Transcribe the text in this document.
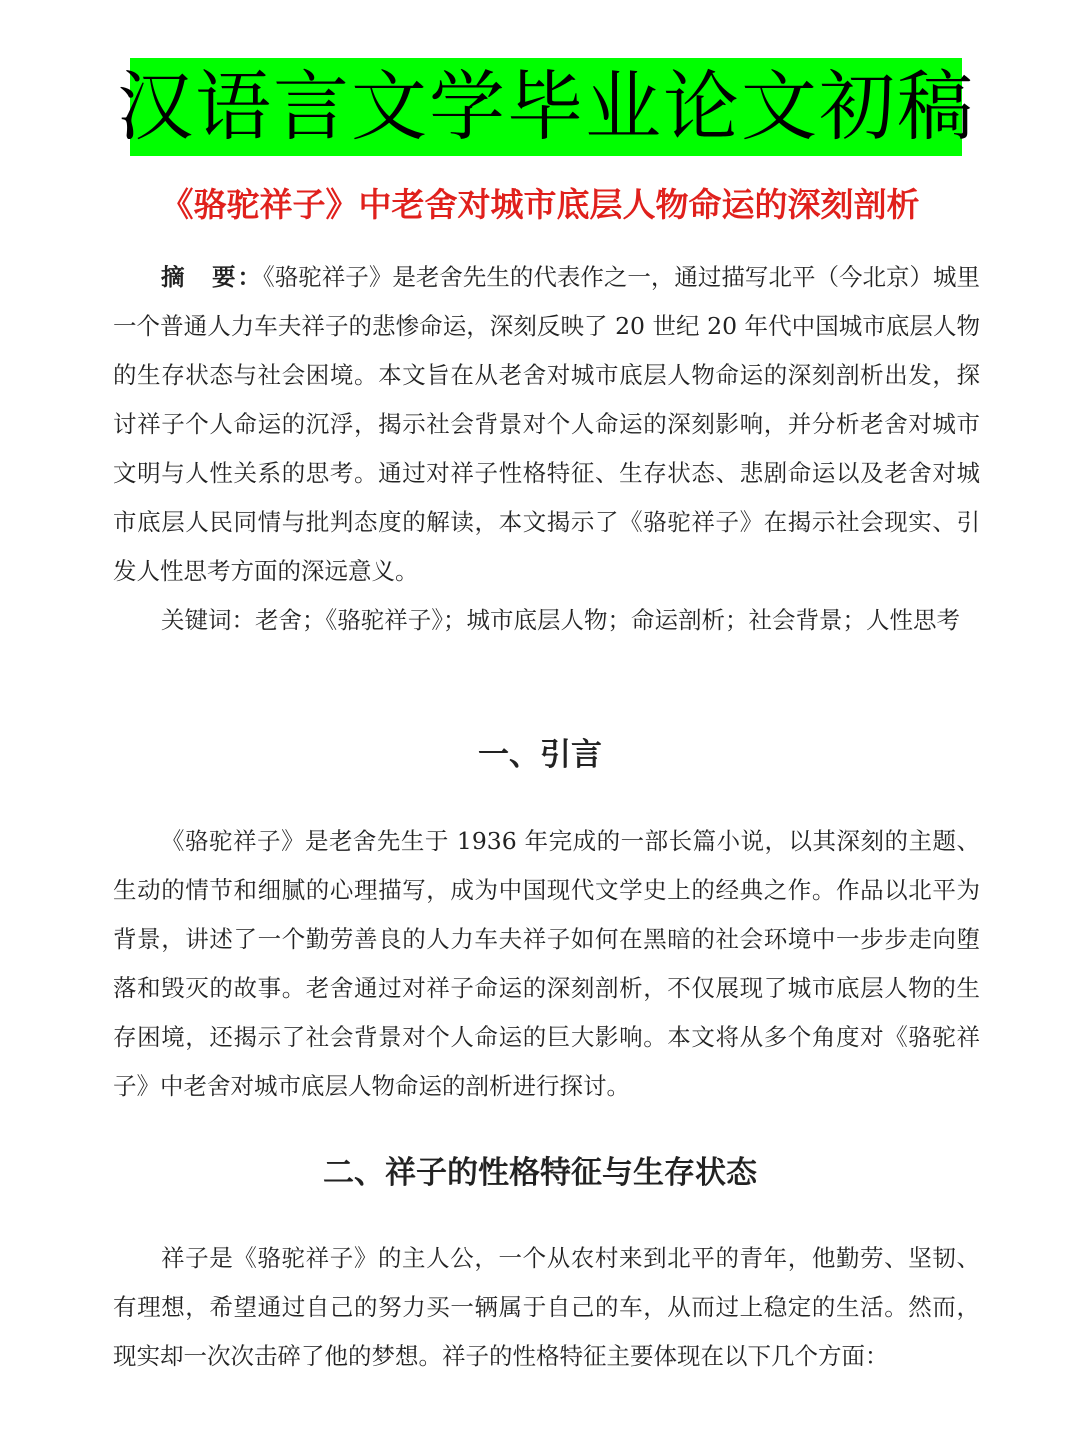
汉语言文学毕业论文初稿
《骆驼祥子》中老舍对城市底层人物命运的深刻剖析

摘　要：《骆驼祥子》是老舍先生的代表作之一，通过描写北平（今北京）城里一个普通人力车夫祥子的悲惨命运，深刻反映了 20 世纪 20 年代中国城市底层人物的生存状态与社会困境。本文旨在从老舍对城市底层人物命运的深刻剖析出发，探讨祥子个人命运的沉浮，揭示社会背景对个人命运的深刻影响，并分析老舍对城市文明与人性关系的思考。通过对祥子性格特征、生存状态、悲剧命运以及老舍对城市底层人民同情与批判态度的解读，本文揭示了《骆驼祥子》在揭示社会现实、引发人性思考方面的深远意义。

关键词：老舍；《骆驼祥子》；城市底层人物；命运剖析；社会背景；人性思考

一、引言

《骆驼祥子》是老舍先生于 1936 年完成的一部长篇小说，以其深刻的主题、生动的情节和细腻的心理描写，成为中国现代文学史上的经典之作。作品以北平为背景，讲述了一个勤劳善良的人力车夫祥子如何在黑暗的社会环境中一步步走向堕落和毁灭的故事。老舍通过对祥子命运的深刻剖析，不仅展现了城市底层人物的生存困境，还揭示了社会背景对个人命运的巨大影响。本文将从多个角度对《骆驼祥子》中老舍对城市底层人物命运的剖析进行探讨。

二、祥子的性格特征与生存状态

祥子是《骆驼祥子》的主人公，一个从农村来到北平的青年，他勤劳、坚韧、有理想，希望通过自己的努力买一辆属于自己的车，从而过上稳定的生活。然而，现实却一次次击碎了他的梦想。祥子的性格特征主要体现在以下几个方面：
